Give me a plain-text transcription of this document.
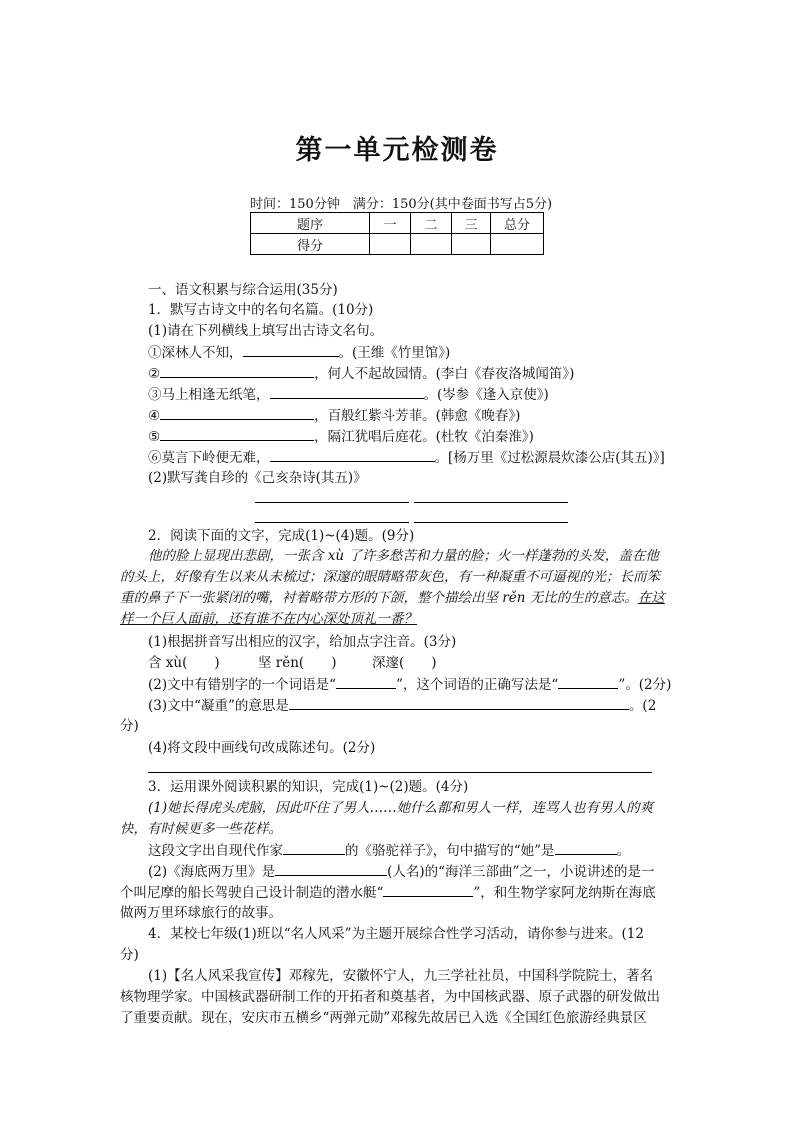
第一单元检测卷
时间：150分钟　满分：150分(其中卷面书写占5分)
题序	一	二	三	总分
得分				
一、语文积累与综合运用(35分)
1．默写古诗文中的名句名篇。(10分)
(1)请在下列横线上填写出古诗文名句。
①深林人不知，	。(王维《竹里馆》)
②	，何人不起故园情。(李白《春夜洛城闻笛》)
③马上相逢无纸笔，	。(岑参《逢入京使》)
④	，百般红紫斗芳菲。(韩愈《晚春》)
⑤	，隔江犹唱后庭花。(杜牧《泊秦淮》)
⑥莫言下岭便无难，	。[杨万里《过松源晨炊漆公店(其五)》]
(2)默写龚自珍的《己亥杂诗(其五)》
2．阅读下面的文字，完成(1)~(4)题。(9分)
他的脸上显现出悲剧，一张含 xù 了许多愁苦和力量的脸；火一样蓬勃的头发，盖在他
的头上，好像有生以来从未梳过；深邃的眼睛略带灰色，有一种凝重不可逼视的光；长而笨
重的鼻子下一张紧闭的嘴，衬着略带方形的下颌，整个描绘出坚 rěn 无比的生的意志。在这
样一个巨人面前，还有谁不在内心深处顶礼一番？
(1)根据拼音写出相应的汉字，给加点字注音。(3分)
含 xù(　　)	坚 rěn(　　)	深邃(　　)
(2)文中有错别字的一个词语是“	”，这个词语的正确写法是“	”。(2分)
(3)文中“凝重”的意思是	。(2
分)
(4)将文段中画线句改成陈述句。(2分)
3．运用课外阅读积累的知识，完成(1)~(2)题。(4分)
(1)她长得虎头虎脑，因此吓住了男人……她什么都和男人一样，连骂人也有男人的爽
快，有时候更多一些花样。
这段文字出自现代作家	的《骆驼祥子》，句中描写的“她”是	。
(2)《海底两万里》是	(人名)的“海洋三部曲”之一，小说讲述的是一
个叫尼摩的船长驾驶自己设计制造的潜水艇“	”，和生物学家阿龙纳斯在海底
做两万里环球旅行的故事。
4．某校七年级(1)班以“名人风采”为主题开展综合性学习活动，请你参与进来。(12
分)
(1)【名人风采我宣传】邓稼先，安徽怀宁人，九三学社社员，中国科学院院士，著名
核物理学家。中国核武器研制工作的开拓者和奠基者，为中国核武器、原子武器的研发做出
了重要贡献。现在，安庆市五横乡“两弹元勋”邓稼先故居已入选《全国红色旅游经典景区
